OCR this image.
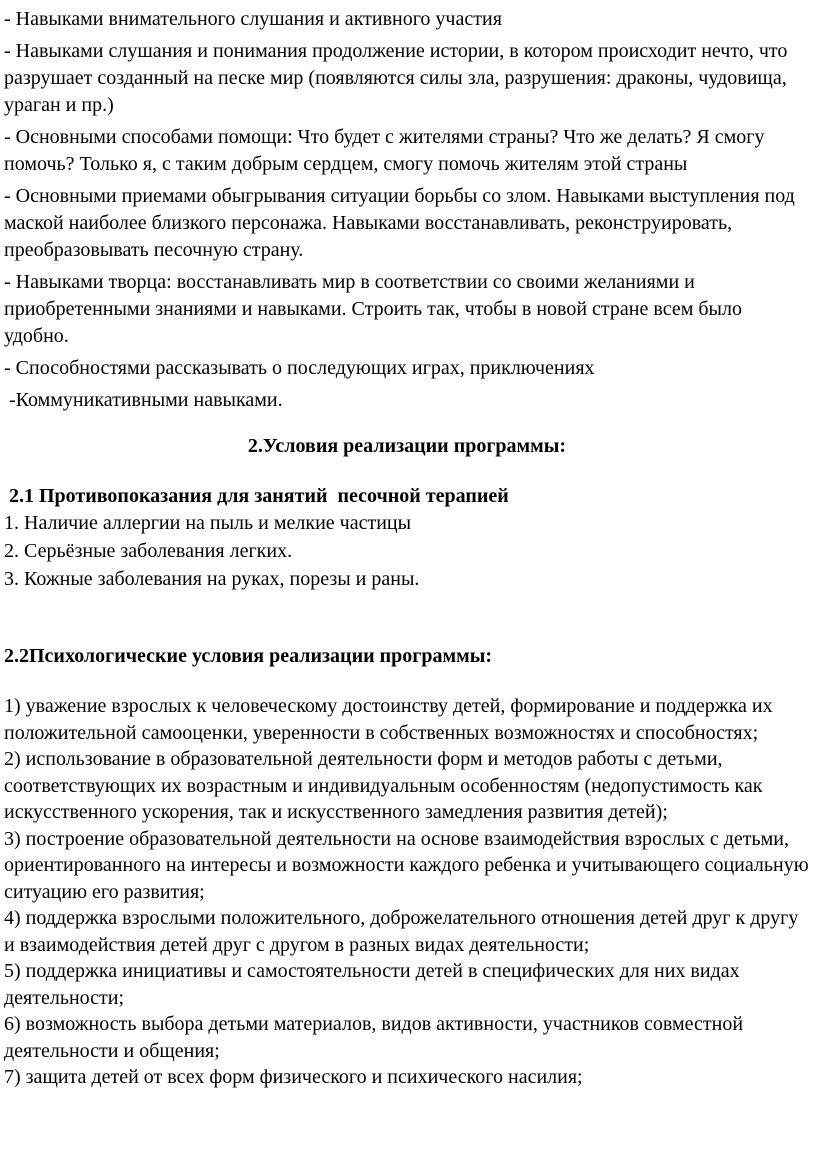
- Навыками внимательного слушания и активного участия

- Навыками слушания и понимания продолжение истории, в котором происходит нечто, что разрушает созданный на песке мир (появляются силы зла, разрушения: драконы, чудовища, ураган и пр.)

- Основными способами помощи: Что будет с жителями страны? Что же делать? Я смогу помочь? Только я, с таким добрым сердцем, смогу помочь жителям этой страны

- Основными приемами обыгрывания ситуации борьбы со злом. Навыками выступления под маской наиболее близкого персонажа. Навыками восстанавливать, реконструировать, преобразовывать песочную страну.

- Навыками творца: восстанавливать мир в соответствии со своими желаниями и приобретенными знаниями и навыками. Строить так, чтобы в новой стране всем было удобно.

- Способностями рассказывать о последующих играх, приключениях

-Коммуникативными навыками.

2.Условия реализации программы:
2.1 Противопоказания для занятий  песочной терапией

1. Наличие аллергии на пыль и мелкие частицы

2. Серьёзные заболевания легких.

3. Кожные заболевания на руках, порезы и раны.

2.2Психологические условия реализации программы:

1) уважение взрослых к человеческому достоинству детей, формирование и поддержка их положительной самооценки, уверенности в собственных возможностях и способностях;

2) использование в образовательной деятельности форм и методов работы с детьми, соответствующих их возрастным и индивидуальным особенностям (недопустимость как искусственного ускорения, так и искусственного замедления развития детей);

3) построение образовательной деятельности на основе взаимодействия взрослых с детьми, ориентированного на интересы и возможности каждого ребенка и учитывающего социальную ситуацию его развития;

4) поддержка взрослыми положительного, доброжелательного отношения детей друг к другу и взаимодействия детей друг с другом в разных видах деятельности;

5) поддержка инициативы и самостоятельности детей в специфических для них видах деятельности;

6) возможность выбора детьми материалов, видов активности, участников совместной деятельности и общения;

7) защита детей от всех форм физического и психического насилия;
